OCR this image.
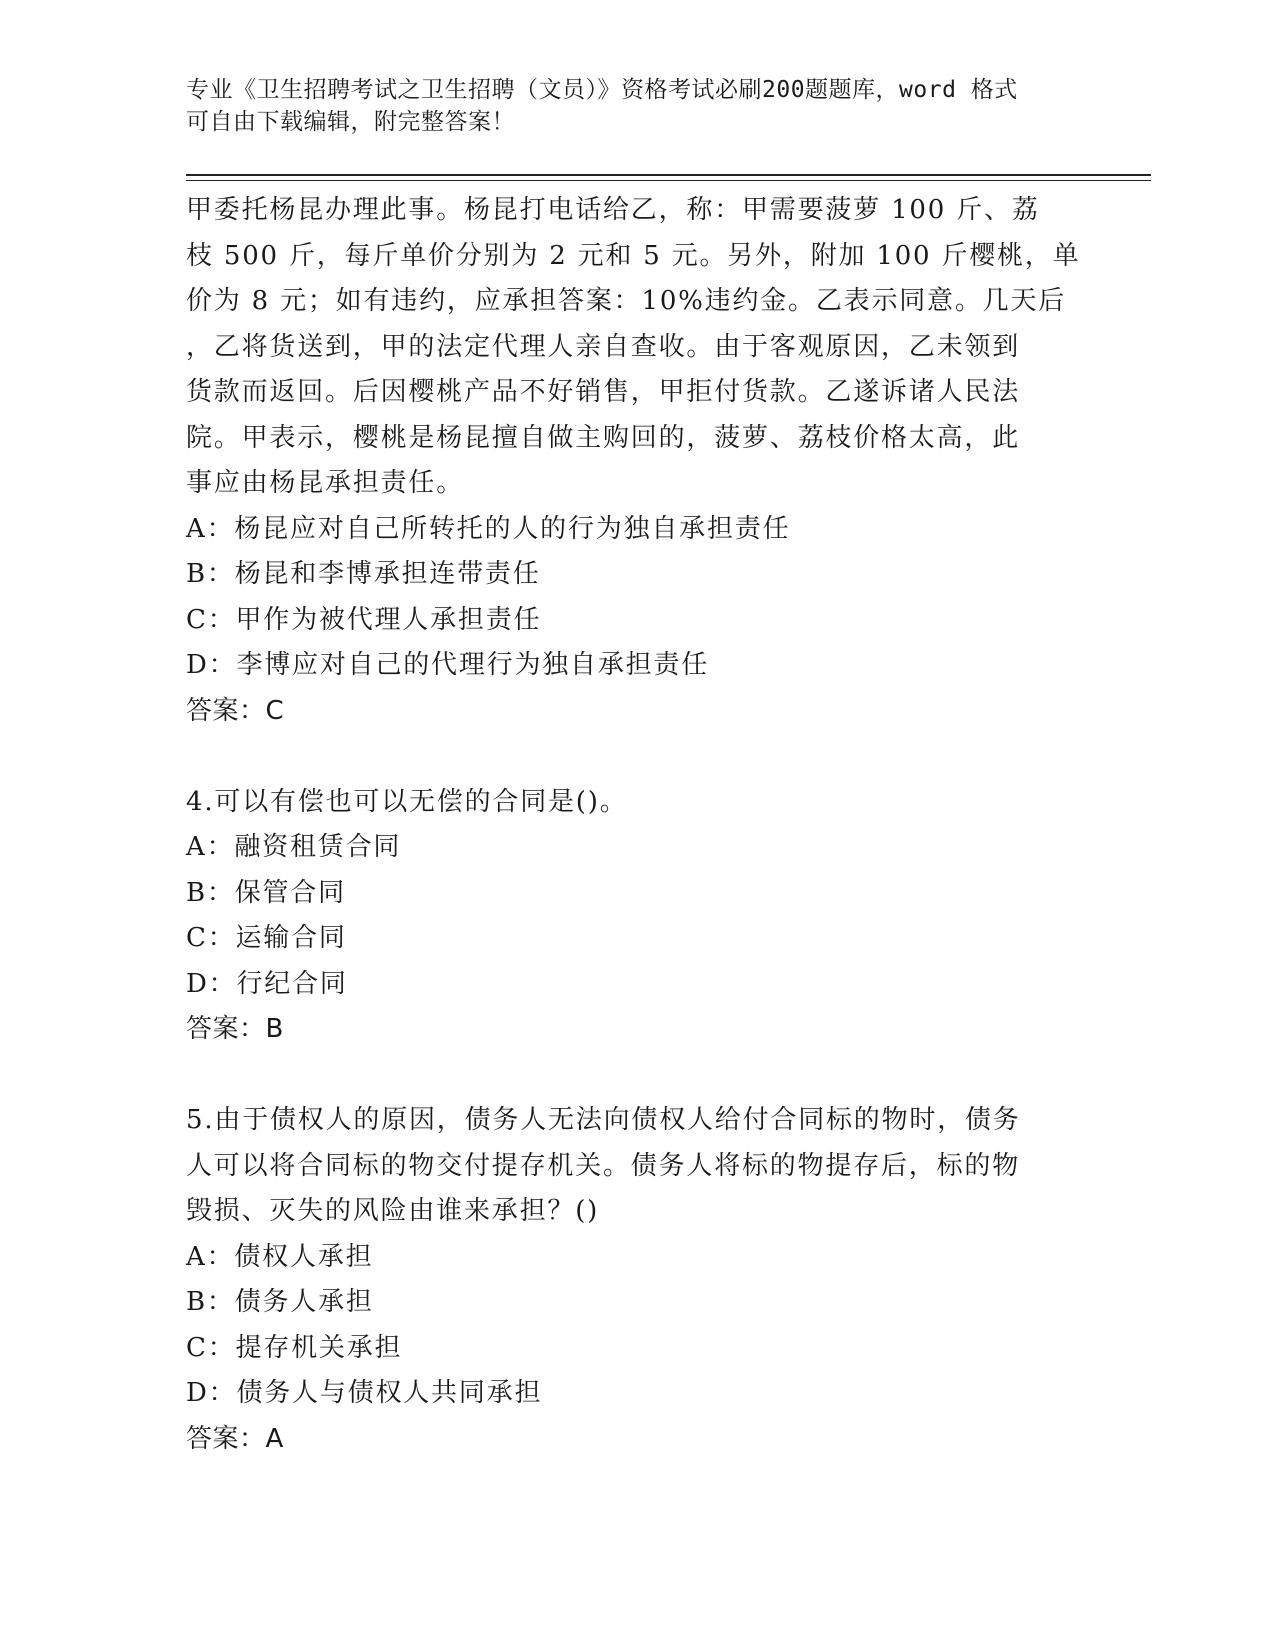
专业《卫生招聘考试之卫生招聘（文员）》资格考试必刷200题题库，word 格式
可自由下载编辑，附完整答案！
甲委托杨昆办理此事。杨昆打电话给乙，称：甲需要菠萝 100 斤、荔
枝 500 斤，每斤单价分别为 2 元和 5 元。另外，附加 100 斤樱桃，单
价为 8 元；如有违约，应承担答案：10%违约金。乙表示同意。几天后
，乙将货送到，甲的法定代理人亲自查收。由于客观原因，乙未领到
货款而返回。后因樱桃产品不好销售，甲拒付货款。乙遂诉诸人民法
院。甲表示，樱桃是杨昆擅自做主购回的，菠萝、荔枝价格太高，此
事应由杨昆承担责任。
A：杨昆应对自己所转托的人的行为独自承担责任
B：杨昆和李博承担连带责任
C：甲作为被代理人承担责任
D：李博应对自己的代理行为独自承担责任
答案：C
4.可以有偿也可以无偿的合同是()。
A：融资租赁合同
B：保管合同
C：运输合同
D：行纪合同
答案：B
5.由于债权人的原因，债务人无法向债权人给付合同标的物时，债务
人可以将合同标的物交付提存机关。债务人将标的物提存后，标的物
毁损、灭失的风险由谁来承担？()
A：债权人承担
B：债务人承担
C：提存机关承担
D：债务人与债权人共同承担
答案：A
